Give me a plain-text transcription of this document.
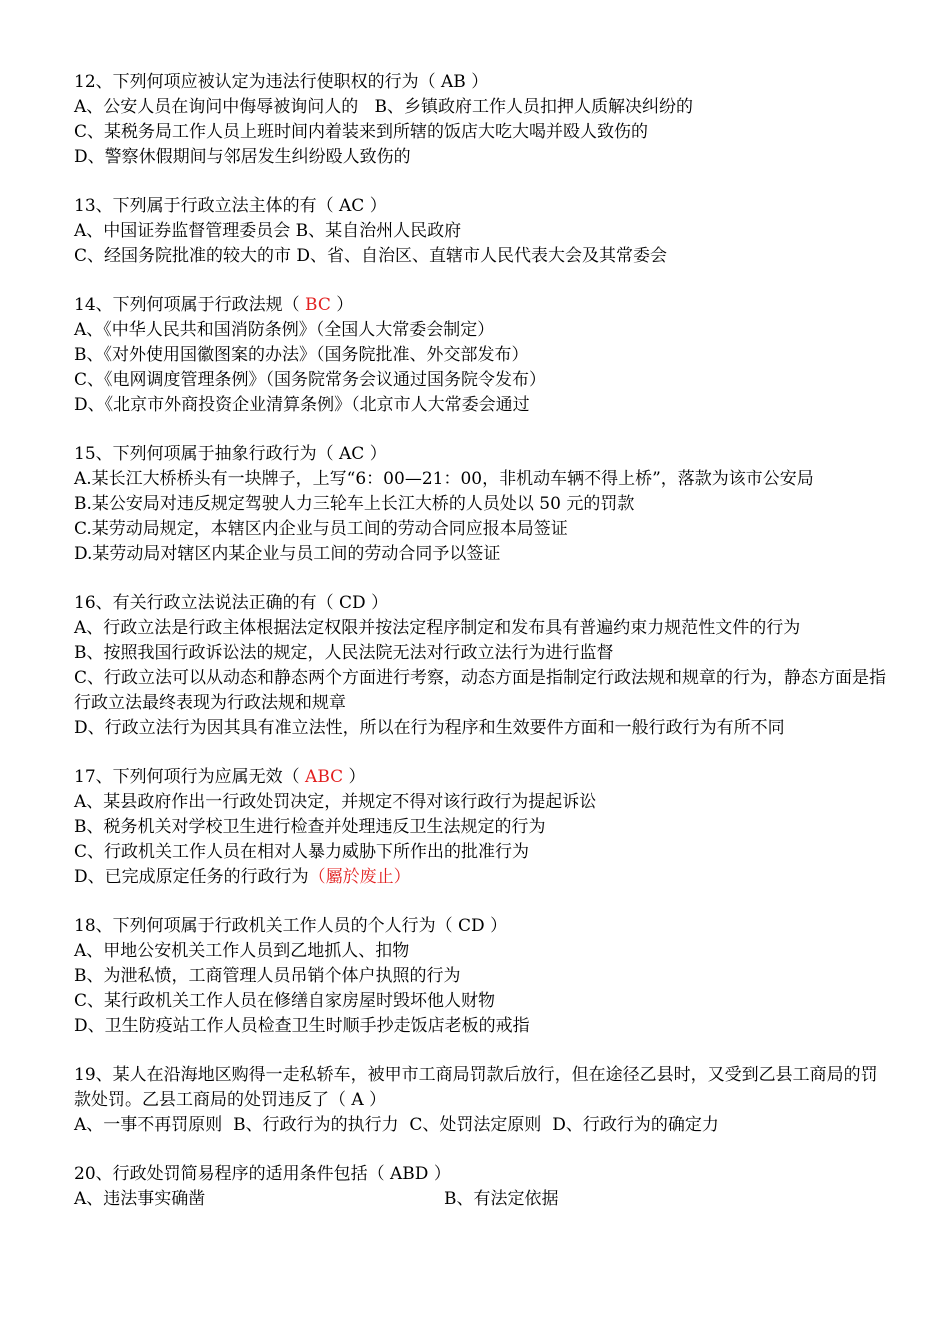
12、下列何项应被认定为违法行使职权的行为（ AB ）

A、公安人员在询问中侮辱被询问人的   B、乡镇政府工作人员扣押人质解决纠纷的

C、某税务局工作人员上班时间内着装来到所辖的饭店大吃大喝并殴人致伤的

D、警察休假期间与邻居发生纠纷殴人致伤的

13、下列属于行政立法主体的有（ AC ）

A、中国证券监督管理委员会 B、某自治州人民政府

C、经国务院批准的较大的市 D、省、自治区、直辖市人民代表大会及其常委会

14、下列何项属于行政法规（ BC ）

A、《中华人民共和国消防条例》（全国人大常委会制定）

B、《对外使用国徽图案的办法》（国务院批准、外交部发布）

C、《电网调度管理条例》（国务院常务会议通过国务院令发布）

D、《北京市外商投资企业清算条例》（北京市人大常委会通过

15、下列何项属于抽象行政行为（ AC ）

A.某长江大桥桥头有一块牌子，上写“6：00—21：00，非机动车辆不得上桥”，落款为该市公安局

B.某公安局对违反规定驾驶人力三轮车上长江大桥的人员处以 50 元的罚款

C.某劳动局规定，本辖区内企业与员工间的劳动合同应报本局签证

D.某劳动局对辖区内某企业与员工间的劳动合同予以签证

16、有关行政立法说法正确的有（ CD ）

A、行政立法是行政主体根据法定权限并按法定程序制定和发布具有普遍约束力规范性文件的行为

B、按照我国行政诉讼法的规定，人民法院无法对行政立法行为进行监督

C、行政立法可以从动态和静态两个方面进行考察，动态方面是指制定行政法规和规章的行为，静态方面是指行政立法最终表现为行政法规和规章

D、行政立法行为因其具有准立法性，所以在行为程序和生效要件方面和一般行政行为有所不同

17、下列何项行为应属无效（ ABC ）

A、某县政府作出一行政处罚决定，并规定不得对该行政行为提起诉讼

B、税务机关对学校卫生进行检查并处理违反卫生法规定的行为

C、行政机关工作人员在相对人暴力威胁下所作出的批准行为

D、已完成原定任务的行政行为（屬於废止）

18、下列何项属于行政机关工作人员的个人行为（ CD ）

A、甲地公安机关工作人员到乙地抓人、扣物

B、为泄私愤，工商管理人员吊销个体户执照的行为

C、某行政机关工作人员在修缮自家房屋时毁坏他人财物

D、卫生防疫站工作人员检查卫生时顺手抄走饭店老板的戒指

19、某人在沿海地区购得一走私轿车，被甲市工商局罚款后放行，但在途径乙县时，又受到乙县工商局的罚款处罚。乙县工商局的处罚违反了（ A ）

A、一事不再罚原则  B、行政行为的执行力  C、处罚法定原则  D、行政行为的确定力

20、行政处罚简易程序的适用条件包括（ ABD ）

A、违法事实确凿	B、有法定依据
